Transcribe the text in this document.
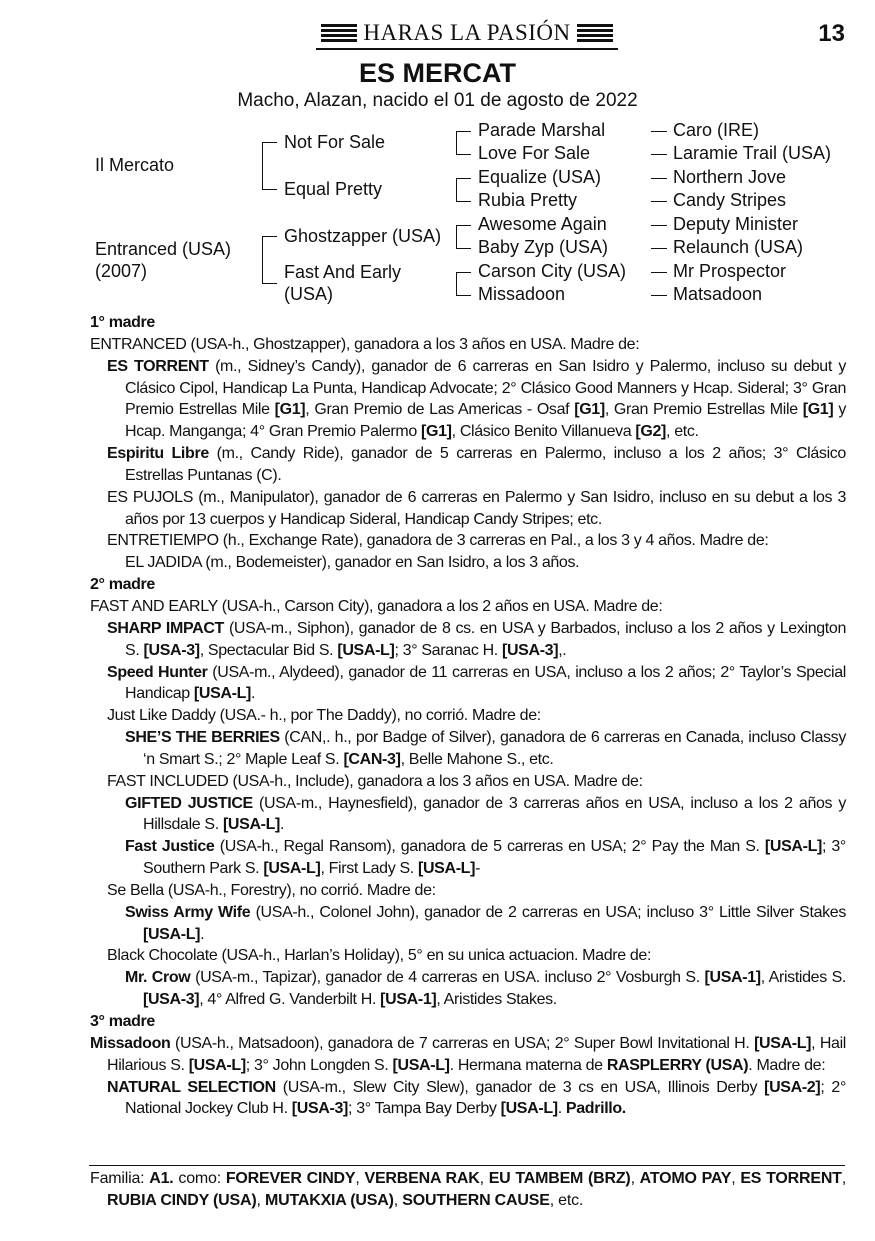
HARAS LA PASIÓN	13
ES MERCAT
Macho, Alazan, nacido el 01 de agosto de 2022
Il Mercato
Entranced (USA)
(2007)
Not For Sale
Equal Pretty
Ghostzapper (USA)
Fast And Early
(USA)
Parade Marshal
Love For Sale
Equalize (USA)
Rubia Pretty
Awesome Again
Baby Zyp (USA)
Carson City (USA)
Missadoon
Caro (IRE)
Laramie Trail (USA)
Northern Jove
Candy Stripes
Deputy Minister
Relaunch (USA)
Mr Prospector
Matsadoon

1° madre

ENTRANCED (USA-h., Ghostzapper), ganadora a los 3 años en USA. Madre de:

ES TORRENT (m., Sidney’s Candy), ganador de 6 carreras en San Isidro y Palermo, incluso su debut y Clásico Cipol, Handicap La Punta, Handicap Advocate; 2° Clásico Good Manners y Hcap. Sideral; 3° Gran Premio Estrellas Mile [G1], Gran Premio de Las Americas - Osaf [G1], Gran Premio Estrellas Mile [G1] y Hcap. Manganga; 4° Gran Premio Palermo [G1], Clásico Benito Villanueva [G2], etc.

Espiritu Libre (m., Candy Ride), ganador de 5 carreras en Palermo, incluso a los 2 años; 3° Clásico Estrellas Puntanas (C).

ES PUJOLS (m., Manipulator), ganador de 6 carreras en Palermo y San Isidro, incluso en su debut a los 3 años por 13 cuerpos y Handicap Sideral, Handicap Candy Stripes; etc.

ENTRETIEMPO (h., Exchange Rate), ganadora de 3 carreras en Pal., a los 3 y 4 años. Madre de:

EL JADIDA (m., Bodemeister), ganador en San Isidro, a los 3 años.

2° madre

FAST AND EARLY (USA-h., Carson City), ganadora a los 2 años en USA. Madre de:

SHARP IMPACT (USA-m., Siphon), ganador de 8 cs. en USA y Barbados, incluso a los 2 años y Lexington S. [USA-3], Spectacular Bid S. [USA-L]; 3° Saranac H. [USA-3],.

Speed Hunter (USA-m., Alydeed), ganador de 11 carreras en USA, incluso a los 2 años; 2° Taylor’s Special Handicap [USA-L].

Just Like Daddy (USA.- h., por The Daddy), no corrió. Madre de:

SHE’S THE BERRIES (CAN,. h., por Badge of Silver), ganadora de 6 carreras en Canada, incluso Classy ‘n Smart S.; 2° Maple Leaf S. [CAN-3], Belle Mahone S., etc.

FAST INCLUDED (USA-h., Include), ganadora a los 3 años en USA. Madre de:

GIFTED JUSTICE (USA-m., Haynesfield), ganador de 3 carreras años en USA, incluso a los 2 años y Hillsdale S. [USA-L].

Fast Justice (USA-h., Regal Ransom), ganadora de 5 carreras en USA; 2° Pay the Man S. [USA-L]; 3° Southern Park S. [USA-L], First Lady S. [USA-L]-

Se Bella (USA-h., Forestry), no corrió. Madre de:

Swiss Army Wife (USA-h., Colonel John), ganador de 2 carreras en USA; incluso 3° Little Silver Stakes [USA-L].

Black Chocolate (USA-h., Harlan’s Holiday), 5° en su unica actuacion. Madre de:

Mr. Crow (USA-m., Tapizar), ganador de 4 carreras en USA. incluso 2° Vosburgh S. [USA-1], Aristides S. [USA-3], 4° Alfred G. Vanderbilt H. [USA-1], Aristides Stakes.

3° madre

Missadoon (USA-h., Matsadoon), ganadora de 7 carreras en USA; 2° Super Bowl Invitational H. [USA-L], Hail Hilarious S. [USA-L]; 3° John Longden S. [USA-L]. Hermana materna de RASPLERRY (USA). Madre de:

NATURAL SELECTION (USA-m., Slew City Slew), ganador de 3 cs en USA, Illinois Derby [USA-2]; 2° National Jockey Club H. [USA-3]; 3° Tampa Bay Derby [USA-L]. Padrillo.

Familia: A1. como: FOREVER CINDY, VERBENA RAK, EU TAMBEM (BRZ), ATOMO PAY, ES TORRENT, RUBIA CINDY (USA), MUTAKXIA (USA), SOUTHERN CAUSE, etc.
